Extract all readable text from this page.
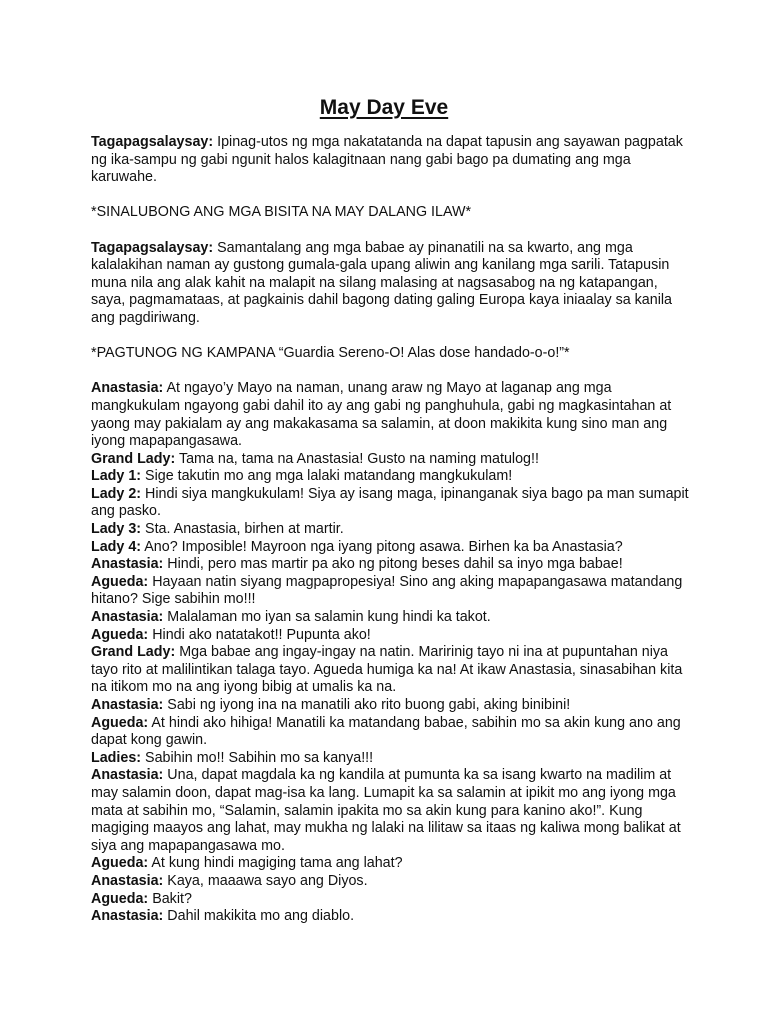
May Day Eve

Tagapagsalaysay: Ipinag-utos ng mga nakatatanda na dapat tapusin ang sayawan pagpatak ng ika-sampu ng gabi ngunit halos kalagitnaan nang gabi bago pa dumating ang mga karuwahe.

*SINALUBONG ANG MGA BISITA NA MAY DALANG ILAW*

Tagapagsalaysay: Samantalang ang mga babae ay pinanatili na sa kwarto, ang mga kalalakihan naman ay gustong gumala-gala upang aliwin ang kanilang mga sarili. Tatapusin muna nila ang alak kahit na malapit na silang malasing at nagsasabog na ng katapangan, saya, pagmamataas, at pagkainis dahil bagong dating galing Europa kaya iniaalay sa kanila ang pagdiriwang.

*PAGTUNOG NG KAMPANA “Guardia Sereno-O! Alas dose handado-o-o!”*

Anastasia: At ngayo’y Mayo na naman, unang araw ng Mayo at laganap ang mga mangkukulam ngayong gabi dahil ito ay ang gabi ng panghuhula, gabi ng magkasintahan at yaong may pakialam ay ang makakasama sa salamin, at doon makikita kung sino man ang iyong mapapangasawa.

Grand Lady: Tama na, tama na Anastasia! Gusto na naming matulog!!

Lady 1: Sige takutin mo ang mga lalaki matandang mangkukulam!

Lady 2: Hindi siya mangkukulam! Siya ay isang maga, ipinanganak siya bago pa man sumapit ang pasko.

Lady 3: Sta. Anastasia, birhen at martir.

Lady 4: Ano? Imposible! Mayroon nga iyang pitong asawa. Birhen ka ba Anastasia?

Anastasia: Hindi, pero mas martir pa ako ng pitong beses dahil sa inyo mga babae!

Agueda: Hayaan natin siyang magpapropesiya! Sino ang aking mapapangasawa matandang hitano? Sige sabihin mo!!!

Anastasia: Malalaman mo iyan sa salamin kung hindi ka takot.

Agueda: Hindi ako natatakot!! Pupunta ako!

Grand Lady: Mga babae ang ingay-ingay na natin. Maririnig tayo ni ina at pupuntahan niya tayo rito at malilintikan talaga tayo. Agueda humiga ka na! At ikaw Anastasia, sinasabihan kita na itikom mo na ang iyong bibig at umalis ka na.

Anastasia: Sabi ng iyong ina na manatili ako rito buong gabi, aking binibini!

Agueda: At hindi ako hihiga! Manatili ka matandang babae, sabihin mo sa akin kung ano ang dapat kong gawin.

Ladies: Sabihin mo!! Sabihin mo sa kanya!!!

Anastasia: Una, dapat magdala ka ng kandila at pumunta ka sa isang kwarto na madilim at may salamin doon, dapat mag-isa ka lang. Lumapit ka sa salamin at ipikit mo ang iyong mga mata at sabihin mo, “Salamin, salamin ipakita mo sa akin kung para kanino ako!”. Kung magiging maayos ang lahat, may mukha ng lalaki na lilitaw sa itaas ng kaliwa mong balikat at siya ang mapapangasawa mo.

Agueda: At kung hindi magiging tama ang lahat?

Anastasia: Kaya, maaawa sayo ang Diyos.

Agueda: Bakit?

Anastasia: Dahil makikita mo ang diablo.
